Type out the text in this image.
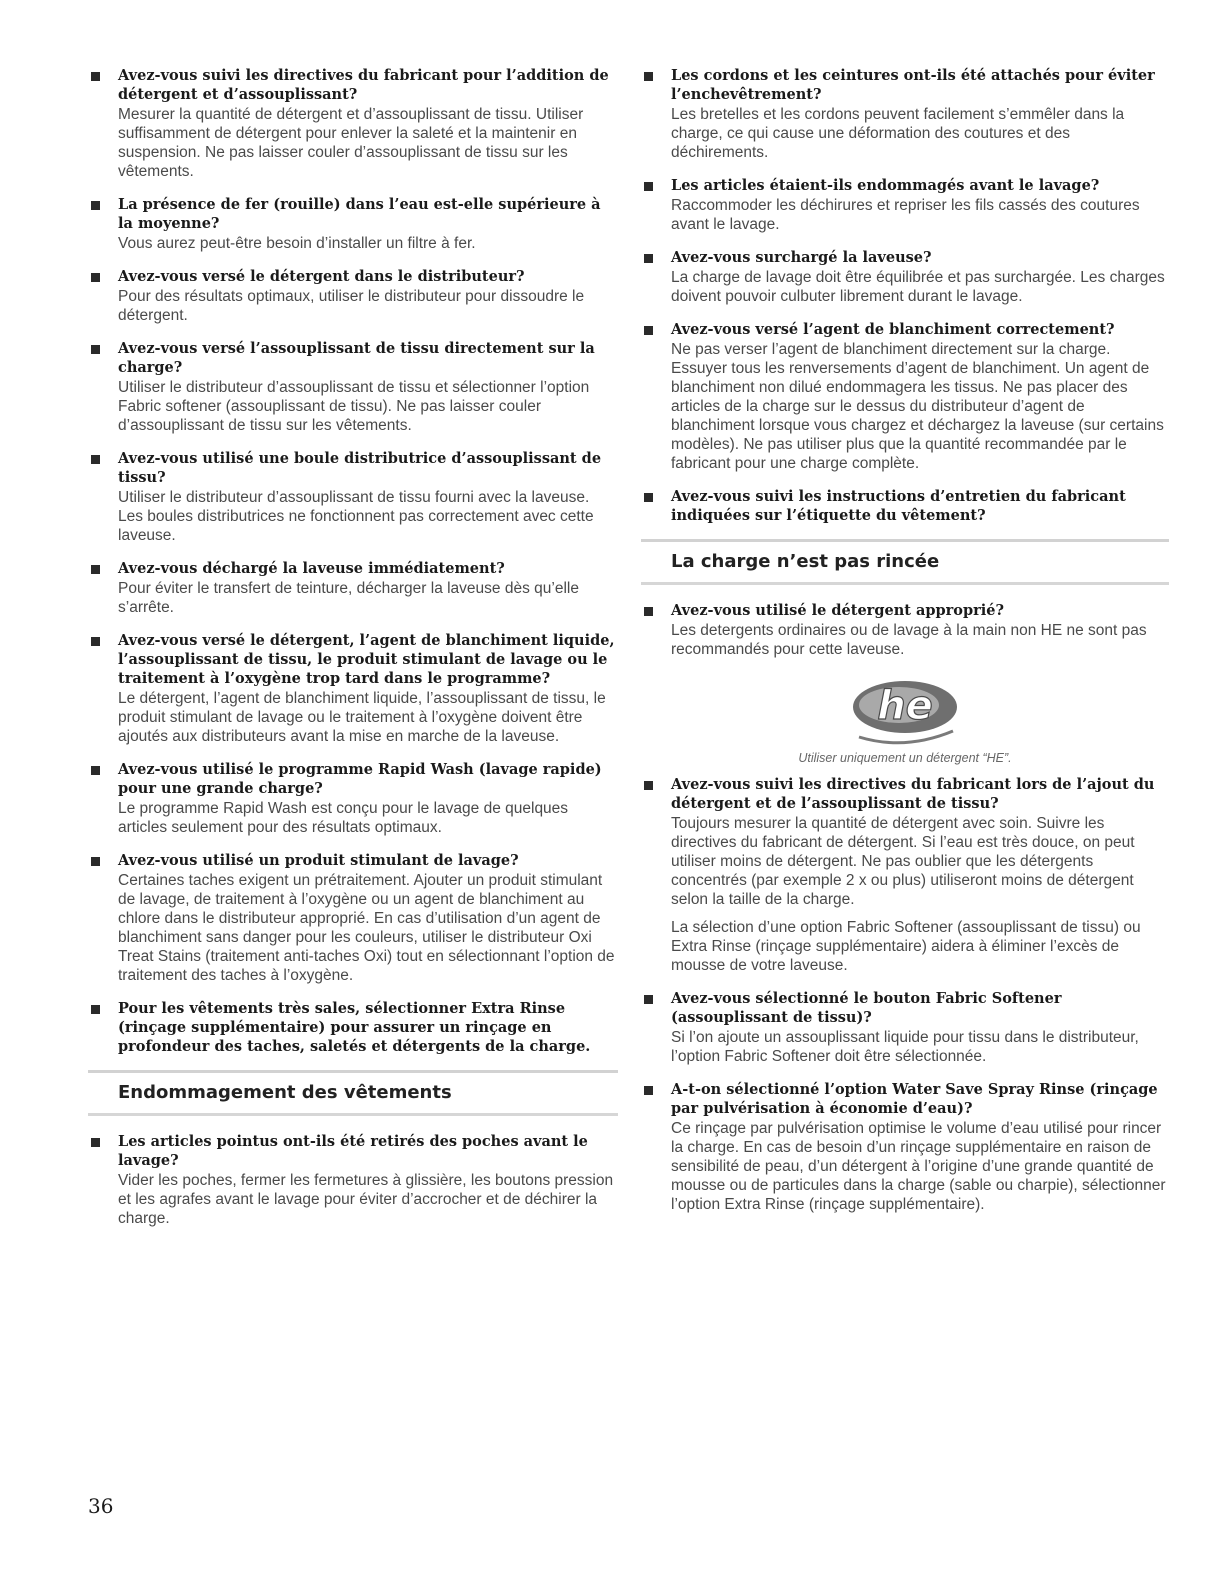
Avez-vous suivi les directives du fabricant pour l’addition de détergent et d’assouplissant?

Mesurer la quantité de détergent et d’assouplissant de tissu. Utiliser suffisamment de détergent pour enlever la saleté et la maintenir en suspension. Ne pas laisser couler d’assouplissant de tissu sur les vêtements.

La présence de fer (rouille) dans l’eau est-elle supérieure à la moyenne?

Vous aurez peut-être besoin d’installer un filtre à fer.

Avez-vous versé le détergent dans le distributeur?

Pour des résultats optimaux, utiliser le distributeur pour dissoudre le détergent.

Avez-vous versé l’assouplissant de tissu directement sur la charge?

Utiliser le distributeur d’assouplissant de tissu et sélectionner l’option Fabric softener (assouplissant de tissu). Ne pas laisser couler d’assouplissant de tissu sur les vêtements.

Avez-vous utilisé une boule distributrice d’assouplissant de tissu?

Utiliser le distributeur d’assouplissant de tissu fourni avec la laveuse. Les boules distributrices ne fonctionnent pas correctement avec cette laveuse.

Avez-vous déchargé la laveuse immédiatement?

Pour éviter le transfert de teinture, décharger la laveuse dès qu’elle s’arrête.

Avez-vous versé le détergent, l’agent de blanchiment liquide, l’assouplissant de tissu, le produit stimulant de lavage ou le traitement à l’oxygène trop tard dans le programme?

Le détergent, l’agent de blanchiment liquide, l’assouplissant de tissu, le produit stimulant de lavage ou le traitement à l’oxygène doivent être ajoutés aux distributeurs avant la mise en marche de la laveuse.

Avez-vous utilisé le programme Rapid Wash (lavage rapide) pour une grande charge?

Le programme Rapid Wash est conçu pour le lavage de quelques articles seulement pour des résultats optimaux.

Avez-vous utilisé un produit stimulant de lavage?

Certaines taches exigent un prétraitement. Ajouter un produit stimulant de lavage, de traitement à l’oxygène ou un agent de blanchiment au chlore dans le distributeur approprié. En cas d’utilisation d’un agent de blanchiment sans danger pour les couleurs, utiliser le distributeur Oxi Treat Stains (traitement anti-taches Oxi) tout en sélectionnant l’option de traitement des taches à l’oxygène.

Pour les vêtements très sales, sélectionner Extra Rinse (rinçage supplémentaire) pour assurer un rinçage en profondeur des taches, saletés et détergents de la charge.

Endommagement des vêtements

Les articles pointus ont-ils été retirés des poches avant le lavage?

Vider les poches, fermer les fermetures à glissière, les boutons pression et les agrafes avant le lavage pour éviter d’accrocher et de déchirer la charge.

Les cordons et les ceintures ont-ils été attachés pour éviter l’enchevêtrement?

Les bretelles et les cordons peuvent facilement s’emmêler dans la charge, ce qui cause une déformation des coutures et des déchirements.

Les articles étaient-ils endommagés avant le lavage?

Raccommoder les déchirures et repriser les fils cassés des coutures avant le lavage.

Avez-vous surchargé la laveuse?

La charge de lavage doit être équilibrée et pas surchargée. Les charges doivent pouvoir culbuter librement durant le lavage.

Avez-vous versé l’agent de blanchiment correctement?

Ne pas verser l’agent de blanchiment directement sur la charge. Essuyer tous les renversements d’agent de blanchiment. Un agent de blanchiment non dilué endommagera les tissus. Ne pas placer des articles de la charge sur le dessus du distributeur d’agent de blanchiment lorsque vous chargez et déchargez la laveuse (sur certains modèles). Ne pas utiliser plus que la quantité recommandée par le fabricant pour une charge complète.

Avez-vous suivi les instructions d’entretien du fabricant indiquées sur l’étiquette du vêtement?

La charge n’est pas rincée

Avez-vous utilisé le détergent approprié?

Les detergents ordinaires ou de lavage à la main non HE ne sont pas recommandés pour cette laveuse.

he

Utiliser uniquement un détergent “HE”.

Avez-vous suivi les directives du fabricant lors de l’ajout du détergent et de l’assouplissant de tissu?

Toujours mesurer la quantité de détergent avec soin. Suivre les directives du fabricant de détergent. Si l’eau est très douce, on peut utiliser moins de détergent. Ne pas oublier que les détergents concentrés (par exemple 2 x ou plus) utiliseront moins de détergent selon la taille de la charge.

La sélection d’une option Fabric Softener (assouplissant de tissu) ou Extra Rinse (rinçage supplémentaire) aidera à éliminer l’excès de mousse de votre laveuse.

Avez-vous sélectionné le bouton Fabric Softener (assouplissant de tissu)?

Si l’on ajoute un assouplissant liquide pour tissu dans le distributeur, l’option Fabric Softener doit être sélectionnée.

A-t-on sélectionné l’option Water Save Spray Rinse (rinçage par pulvérisation à économie d’eau)?

Ce rinçage par pulvérisation optimise le volume d’eau utilisé pour rincer la charge. En cas de besoin d’un rinçage supplémentaire en raison de sensibilité de peau, d’un détergent à l’origine d’une grande quantité de mousse ou de particules dans la charge (sable ou charpie), sélectionner l’option Extra Rinse (rinçage supplémentaire).

36
